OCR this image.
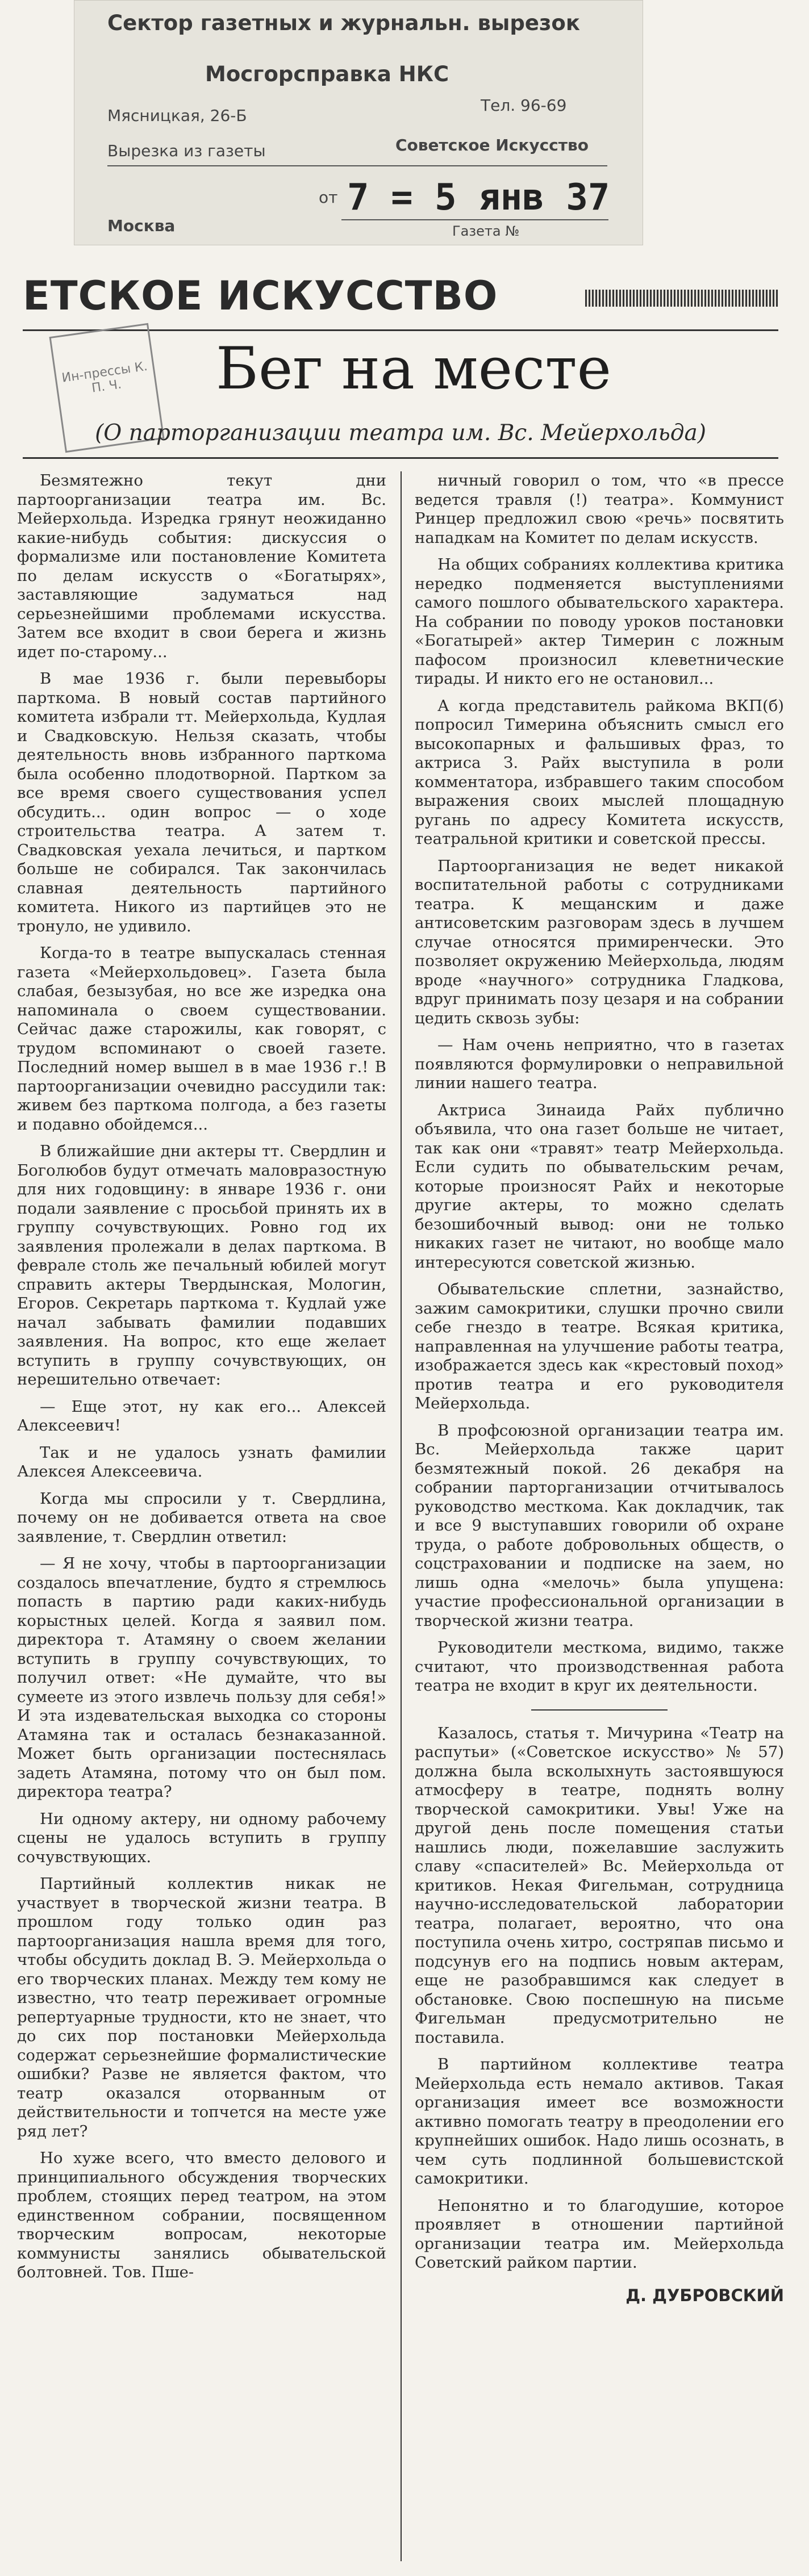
Сектор газетных и журнальн. вырезок
Мосгорсправка НКС
Мясницкая, 26-Б
Тел. 96-69
Вырезка из газеты	Советское Искусство
от 7 = 5 янв 37
Москва	Газета №
ЕТСКОЕ ИСКУССТВО
Ин-прессы К. П. Ч.	Бег на месте
(О парторганизации театра им. Вс. Мейерхольда)

Безмятежно текут дни партоорганизации театра им. Вс. Мейерхольда. Изредка грянут неожиданно какие-нибудь события: дискуссия о формализме или постановление Комитета по делам искусств о «Богатырях», заставляющие задуматься над серьезнейшими проблемами искусства. Затем все входит в свои берега и жизнь идет по-старому...

В мае 1936 г. были перевыборы парткома. В новый состав партийного комитета избрали тт. Мейерхольда, Кудлая и Свадковскую. Нельзя сказать, чтобы деятельность вновь избранного парткома была особенно плодотворной. Партком за все время своего существования успел обсудить... один вопрос — о ходе строительства театра. А затем т. Свадковская уехала лечиться, и партком больше не собирался. Так закончилась славная деятельность партийного комитета. Никого из партийцев это не тронуло, не удивило.

Когда-то в театре выпускалась стенная газета «Мейерхольдовец». Газета была слабая, безызубая, но все же изредка она напоминала о своем существовании. Сейчас даже старожилы, как говорят, с трудом вспоминают о своей газете. Последний номер вышел в в мае 1936 г.! В партоорганизации очевидно рассудили так: живем без парткома полгода, а без газеты и подавно обойдемся...

В ближайшие дни актеры тт. Свердлин и Боголюбов будут отмечать маловразостную для них годовщину: в январе 1936 г. они подали заявление с просьбой принять их в группу сочувствующих. Ровно год их заявления пролежали в делах парткома. В феврале столь же печальный юбилей могут справить актеры Твердынская, Мологин, Егоров. Секретарь парткома т. Кудлай уже начал забывать фамилии подавших заявления. На вопрос, кто еще желает вступить в группу сочувствующих, он нерешительно отвечает:

— Еще этот, ну как его... Алексей Алексеевич!

Так и не удалось узнать фамилии Алексея Алексеевича.

Когда мы спросили у т. Свердлина, почему он не добивается ответа на свое заявление, т. Свердлин ответил:

— Я не хочу, чтобы в партоорганизации создалось впечатление, будто я стремлюсь попасть в партию ради каких-нибудь корыстных целей. Когда я заявил пом. директора т. Атамяну о своем желании вступить в группу сочувствующих, то получил ответ: «Не думайте, что вы сумеете из этого извлечь пользу для себя!» И эта издевательская выходка со стороны Атамяна так и осталась безнаказанной. Может быть организации постеснялась задеть Атамяна, потому что он был пом. директора театра?

Ни одному актеру, ни одному рабочему сцены не удалось вступить в группу сочувствующих.

Партийный коллектив никак не участвует в творческой жизни театра. В прошлом году только один раз партоорганизация нашла время для того, чтобы обсудить доклад В. Э. Мейерхольда о его творческих планах. Между тем кому не известно, что театр переживает огромные репертуарные трудности, кто не знает, что до сих пор постановки Мейерхольда содержат серьезнейшие формалистические ошибки? Разве не является фактом, что театр оказался оторванным от действительности и топчется на месте уже ряд лет?

Но хуже всего, что вместо делового и принципиального обсуждения творческих проблем, стоящих перед театром, на этом единственном собрании, посвященном творческим вопросам, некоторые коммунисты занялись обывательской болтовней. Тов. Пше-

ничный говорил о том, что «в прессе ведется травля (!) театра». Коммунист Ринцер предложил свою «речь» посвятить нападкам на Комитет по делам искусств.

На общих собраниях коллектива критика нередко подменяется выступлениями самого пошлого обывательского характера. На собрании по поводу уроков постановки «Богатырей» актер Тимерин с ложным пафосом произносил клеветнические тирады. И никто его не остановил...

А когда представитель райкома ВКП(б) попросил Тимерина объяснить смысл его высокопарных и фальшивых фраз, то актриса З. Райх выступила в роли комментатора, избравшего таким способом выражения своих мыслей площадную ругань по адресу Комитета искусств, театральной критики и советской прессы.

Партоорганизация не ведет никакой воспитательной работы с сотрудниками театра. К мещанским и даже антисоветским разговорам здесь в лучшем случае относятся примиренчески. Это позволяет окружению Мейерхольда, людям вроде «научного» сотрудника Гладкова, вдруг принимать позу цезаря и на собрании цедить сквозь зубы:

— Нам очень неприятно, что в газетах появляются формулировки о неправильной линии нашего театра.

Актриса Зинаида Райх публично объявила, что она газет больше не читает, так как они «травят» театр Мейерхольда. Если судить по обывательским речам, которые произносят Райх и некоторые другие актеры, то можно сделать безошибочный вывод: они не только никаких газет не читают, но вообще мало интересуются советской жизнью.

Обывательские сплетни, зазнайство, зажим самокритики, слушки прочно свили себе гнездо в театре. Всякая критика, направленная на улучшение работы театра, изображается здесь как «крестовый поход» против театра и его руководителя Мейерхольда.

В профсоюзной организации театра им. Вс. Мейерхольда также царит безмятежный покой. 26 декабря на собрании парторганизации отчитывалось руководство месткома. Как докладчик, так и все 9 выступавших говорили об охране труда, о работе добровольных обществ, о соцстраховании и подписке на заем, но лишь одна «мелочь» была упущена: участие профессиональной организации в творческой жизни театра.

Руководители месткома, видимо, также считают, что производственная работа театра не входит в круг их деятельности.

Казалось, статья т. Мичурина «Театр на распутьи» («Советское искусство» № 57) должна была всколыхнуть застоявшуюся атмосферу в театре, поднять волну творческой самокритики. Увы! Уже на другой день после помещения статьи нашлись люди, пожелавшие заслужить славу «спасителей» Вс. Мейерхольда от критиков. Некая Фигельман, сотрудница научно-исследовательской лаборатории театра, полагает, вероятно, что она поступила очень хитро, состряпав письмо и подсунув его на подпись новым актерам, еще не разобравшимся как следует в обстановке. Свою поспешную на письме Фигельман предусмотрительно не поставила.

В партийном коллективе театра Мейерхольда есть немало активов. Такая организация имеет все возможности активно помогать театру в преодолении его крупнейших ошибок. Надо лишь осознать, в чем суть подлинной большевистской самокритики.

Непонятно и то благодушие, которое проявляет в отношении партийной организации театра им. Мейерхольда Советский райком партии.

Д. ДУБРОВСКИЙ
